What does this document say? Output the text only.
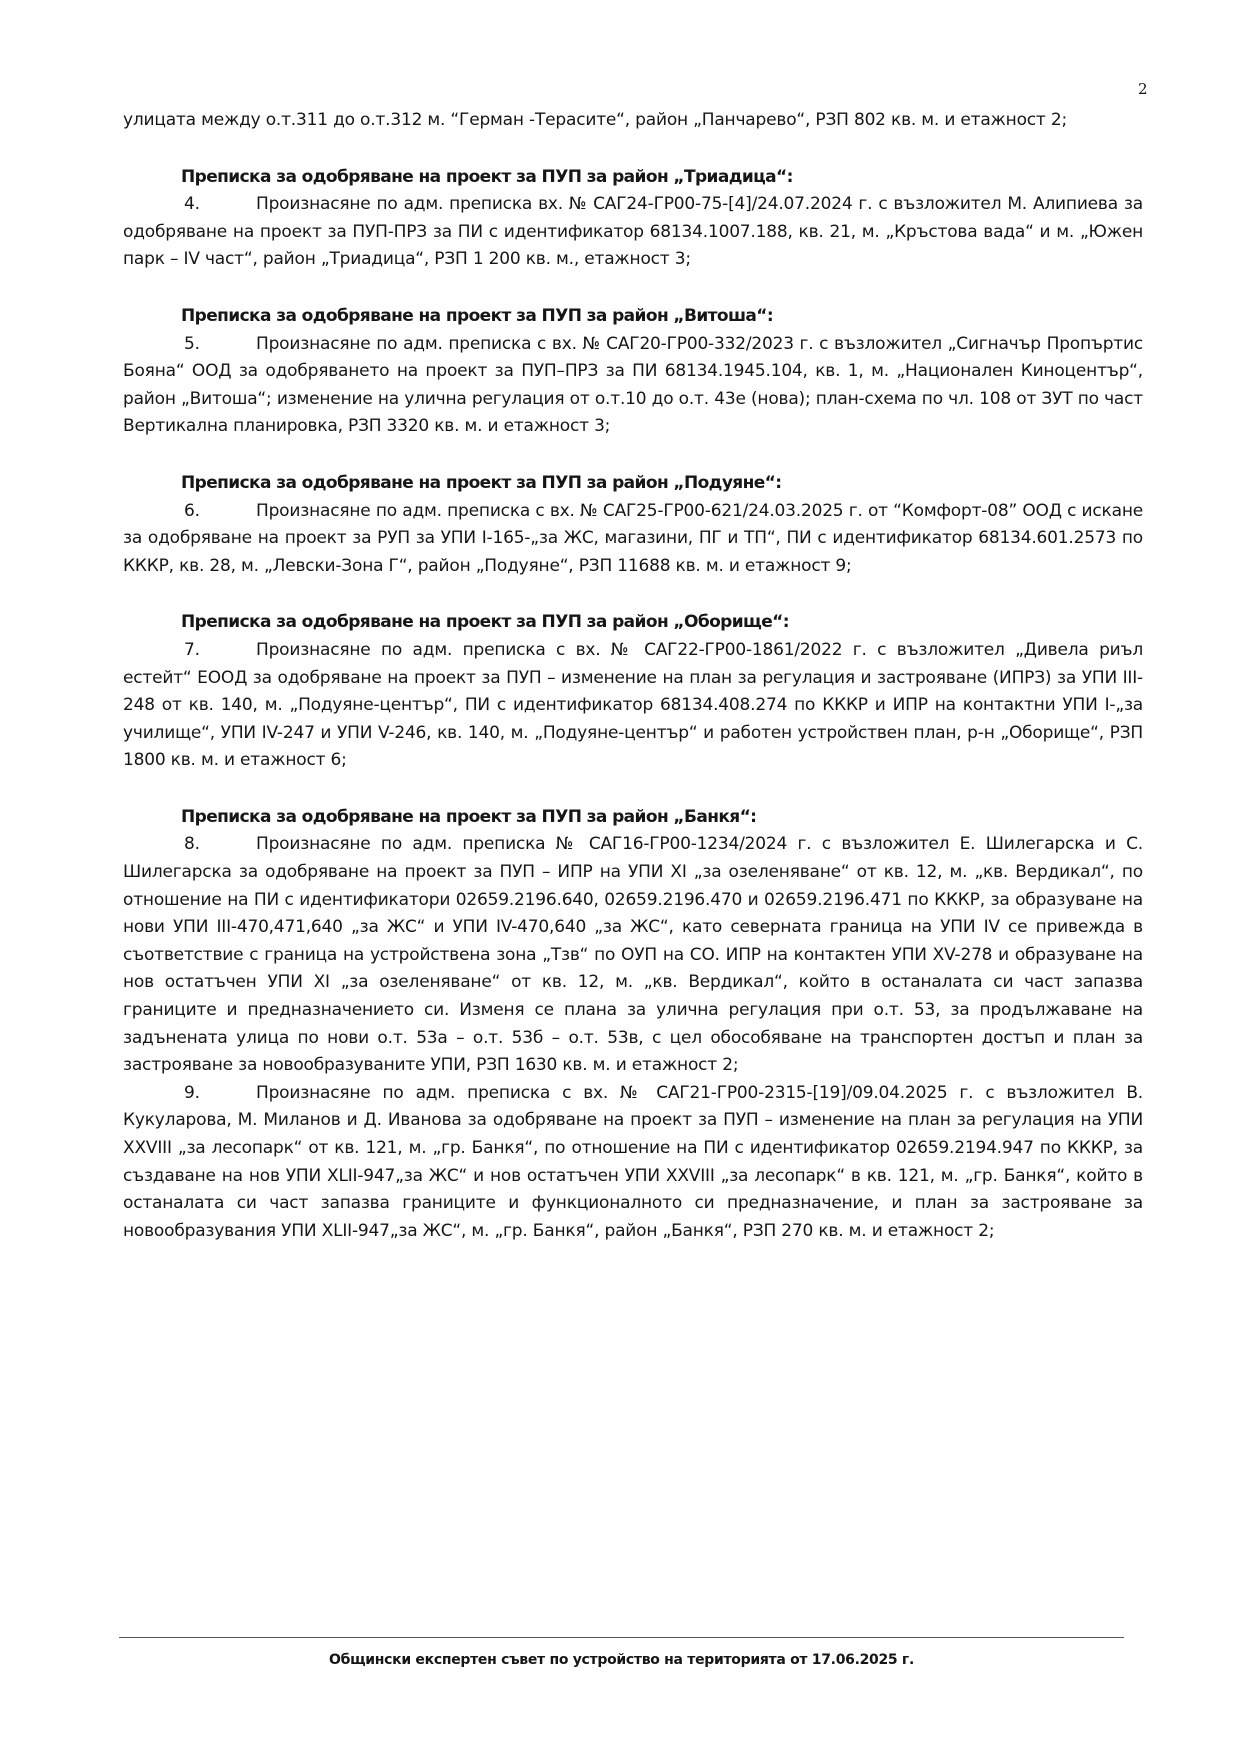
2

улицата между о.т.311 до о.т.312 м. “Герман -Терасите“, район „Панчарево“, РЗП 802 кв. м. и етажност 2;

Преписка за одобряване на проект за ПУП за район „Триадица“:

4.	Произнасяне по адм. преписка вх. № САГ24-ГР00-75-[4]/24.07.2024 г. с възложител М. Алипиева за одобряване на проект за ПУП-ПРЗ за ПИ с идентификатор 68134.1007.188, кв. 21, м. „Кръстова вада“ и м. „Южен парк – IV част“, район „Триадица“, РЗП 1 200 кв. м., етажност 3;

Преписка за одобряване на проект за ПУП за район „Витоша“:

5.	Произнасяне по адм. преписка с вх. № САГ20-ГР00-332/2023 г. с възложител „Сигначър Пропъртис Бояна“ ООД за одобряването на проект за ПУП–ПРЗ за ПИ 68134.1945.104, кв. 1, м. „Национален Киноцентър“, район „Витоша“; изменение на улична регулация от о.т.10 до о.т. 43е (нова); план-схема по чл. 108 от ЗУТ по част Вертикална планировка, РЗП 3320 кв. м. и етажност 3;

Преписка за одобряване на проект за ПУП за район „Подуяне“:

6.	Произнасяне по адм. преписка с вх. № САГ25-ГР00-621/24.03.2025 г. от “Комфорт-08” ООД с искане за одобряване на проект за РУП за УПИ I-165-„за ЖС, магазини, ПГ и ТП“, ПИ с идентификатор 68134.601.2573 по КККР, кв. 28, м. „Левски-Зона Г“, район „Подуяне“, РЗП 11688 кв. м. и етажност 9;

Преписка за одобряване на проект за ПУП за район „Оборище“:

7.	Произнасяне по адм. преписка с вх. № САГ22-ГР00-1861/2022 г. с възложител „Дивела риъл естейт“ ЕООД за одобряване на проект за ПУП – изменение на план за регулация и застрояване (ИПРЗ) за УПИ III-248 от кв. 140, м. „Подуяне-център“, ПИ с идентификатор 68134.408.274 по КККР и ИПР на контактни УПИ I-„за училище“, УПИ IV-247 и УПИ V-246, кв. 140, м. „Подуяне-център“ и работен устройствен план, р-н „Оборище“, РЗП 1800 кв. м. и етажност 6;

Преписка за одобряване на проект за ПУП за район „Банкя“:

8.	Произнасяне по адм. преписка № САГ16-ГР00-1234/2024 г. с възложител Е. Шилегарска и С. Шилегарска за одобряване на проект за ПУП – ИПР на УПИ XI „за озеленяване“ от кв. 12, м. „кв. Вердикал“, по отношение на ПИ с идентификатори 02659.2196.640, 02659.2196.470 и 02659.2196.471 по КККР, за образуване на нови УПИ III-470,471,640 „за ЖС“ и УПИ IV-470,640 „за ЖС“, като северната граница на УПИ IV се привежда в съответствие с граница на устройствена зона „Тзв“ по ОУП на СО. ИПР на контактен УПИ XV-278 и образуване на нов остатъчен УПИ XI „за озеленяване“ от кв. 12, м. „кв. Вердикал“, който в останалата си част запазва границите и предназначението си. Изменя се плана за улична регулация при о.т. 53, за продължаване на задънената улица по нови о.т. 53а – о.т. 53б – о.т. 53в, с цел обособяване на транспортен достъп и план за застрояване за новообразуваните УПИ, РЗП 1630 кв. м. и етажност 2;

9.	Произнасяне по адм. преписка с вх. № САГ21-ГР00-2315-[19]/09.04.2025 г. с възложител В. Кукуларова, М. Миланов и Д. Иванова за одобряване на проект за ПУП – изменение на план за регулация на УПИ XXVIII „за лесопарк“ от кв. 121, м. „гр. Банкя“, по отношение на ПИ с идентификатор 02659.2194.947 по КККР, за създаване на нов УПИ XLII-947„за ЖС“ и нов остатъчен УПИ XXVIII „за лесопарк“ в кв. 121, м. „гр. Банкя“, който в останалата си част запазва границите и функционалното си предназначение, и план за застрояване за новообразувания УПИ XLII-947„за ЖС“, м. „гр. Банкя“, район „Банкя“, РЗП 270 кв. м. и етажност 2;

Общински експертен съвет по устройство на територията от 17.06.2025 г.
